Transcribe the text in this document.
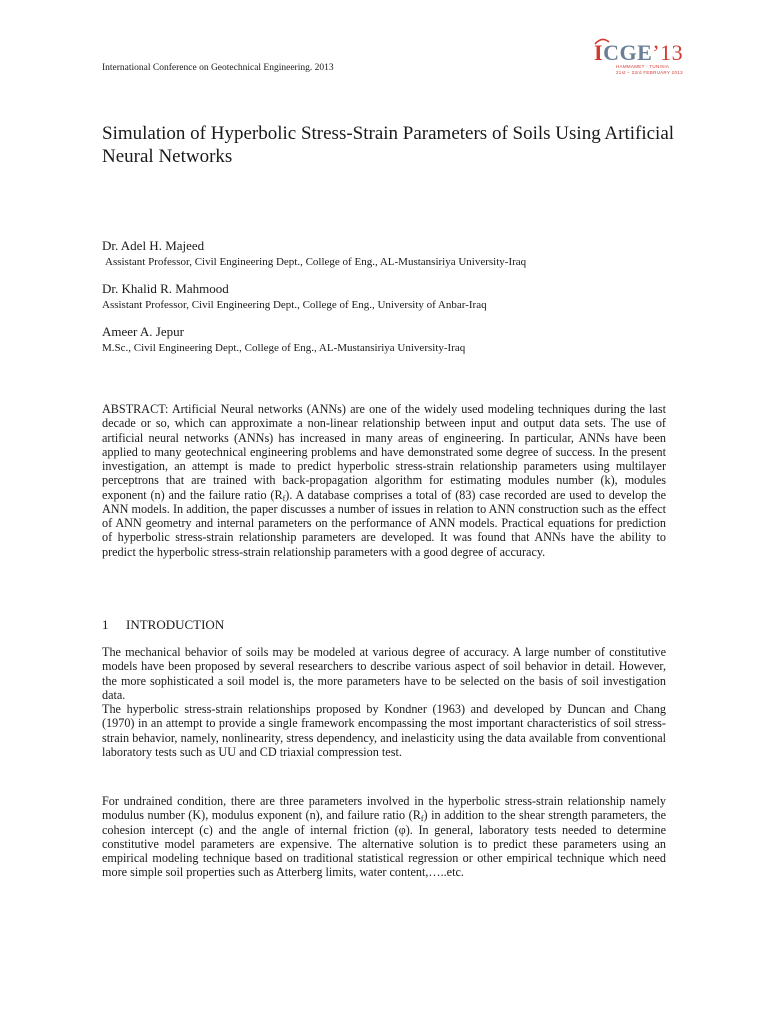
International Conference on Geotechnical Engineering. 2013
ICGE’13
HAMMAMET · TUNISIA
21st – 23rd FEBRUARY 2013
Simulation of Hyperbolic Stress-Strain Parameters of Soils Using Artificial Neural Networks
Dr. Adel H. Majeed
Assistant Professor, Civil Engineering Dept., College of Eng., AL-Mustansiriya University-Iraq
Dr. Khalid R. Mahmood
Assistant Professor, Civil Engineering Dept., College of Eng., University of Anbar-Iraq
Ameer A. Jepur
M.Sc., Civil Engineering Dept., College of Eng., AL-Mustansiriya University-Iraq

ABSTRACT: Artificial Neural networks (ANNs) are one of the widely used modeling techniques during the last decade or so, which can approximate a non-linear relationship between input and output data sets. The use of artificial neural networks (ANNs) has increased in many areas of engineering. In particular, ANNs have been applied to many geotechnical engineering problems and have demonstrated some degree of success. In the present investigation, an attempt is made to predict hyperbolic stress-strain relationship parameters using multilayer perceptrons that are trained with back-propagation algorithm for estimating modules number (k), modules exponent (n) and the failure ratio $(R_f)$. A database comprises a total of (83) case recorded are used to develop the ANN models. In addition, the paper discusses a number of issues in relation to ANN construction such as the effect of ANN geometry and internal parameters on the performance of ANN models. Practical equations for prediction of hyperbolic stress-strain relationship parameters are developed. It was found that ANNs have the ability to predict the hyperbolic stress-strain relationship parameters with a good degree of accuracy.

1 INTRODUCTION

The mechanical behavior of soils may be modeled at various degree of accuracy. A large number of constitutive models have been proposed by several researchers to describe various aspect of soil behavior in detail. However, the more sophisticated a soil model is, the more parameters have to be selected on the basis of soil investigation data.

The hyperbolic stress-strain relationships proposed by Kondner (1963) and developed by Duncan and Chang (1970) in an attempt to provide a single framework encompassing the most important characteristics of soil stress-strain behavior, namely, nonlinearity, stress dependency, and inelasticity using the data available from conventional laboratory tests such as UU and CD triaxial compression test.

For undrained condition, there are three parameters involved in the hyperbolic stress-strain relationship namely modulus number (K), modulus exponent (n), and failure ratio $(R_f)$ in addition to the shear strength parameters, the cohesion intercept (c) and the angle of internal friction (φ). In general, laboratory tests needed to determine constitutive model parameters are expensive. The alternative solution is to predict these parameters using an empirical modeling technique based on traditional statistical regression or other empirical technique which need more simple soil properties such as Atterberg limits, water content,…..etc.
